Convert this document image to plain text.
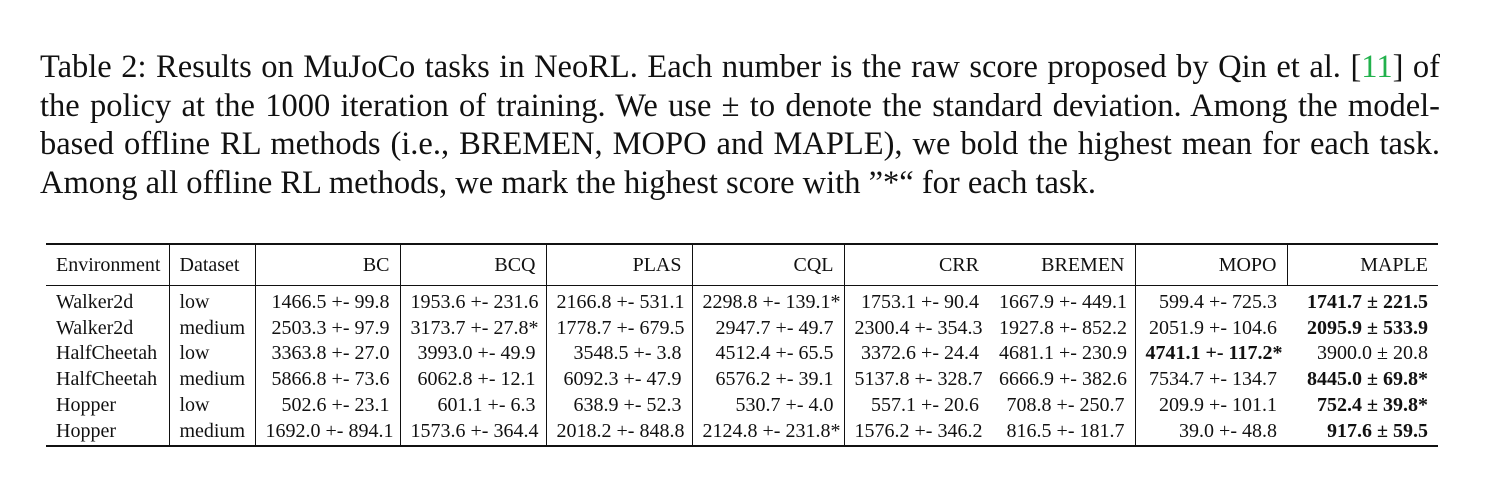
Table 2: Results on MuJoCo tasks in NeoRL. Each number is the raw score proposed by Qin et al. [11] of the policy at the 1000 iteration of training. We use ± to denote the standard deviation. Among the model-based offline RL methods (i.e., BREMEN, MOPO and MAPLE), we bold the highest mean for each task. Among all offline RL methods, we mark the highest score with ”*“ for each task.
Environment	Dataset	BC	BCQ	PLAS	CQL	CRR	BREMEN	MOPO	MAPLE
Walker2d	low	1466.5 +- 99.8	1953.6 +- 231.6	2166.8 +- 531.1	2298.8 +- 139.1*	1753.1 +- 90.4	1667.9 +- 449.1	599.4 +- 725.3	1741.7 ± 221.5
Walker2d	medium	2503.3 +- 97.9	3173.7 +- 27.8*	1778.7 +- 679.5	2947.7 +- 49.7	2300.4 +- 354.3	1927.8 +- 852.2	2051.9 +- 104.6	2095.9 ± 533.9
HalfCheetah	low	3363.8 +- 27.0	3993.0 +- 49.9	3548.5 +- 3.8	4512.4 +- 65.5	3372.6 +- 24.4	4681.1 +- 230.9	4741.1 +- 117.2*	3900.0 ± 20.8
HalfCheetah	medium	5866.8 +- 73.6	6062.8 +- 12.1	6092.3 +- 47.9	6576.2 +- 39.1	5137.8 +- 328.7	6666.9 +- 382.6	7534.7 +- 134.7	8445.0 ± 69.8*
Hopper	low	502.6 +- 23.1	601.1 +- 6.3	638.9 +- 52.3	530.7 +- 4.0	557.1 +- 20.6	708.8 +- 250.7	209.9 +- 101.1	752.4 ± 39.8*
Hopper	medium	1692.0 +- 894.1	1573.6 +- 364.4	2018.2 +- 848.8	2124.8 +- 231.8*	1576.2 +- 346.2	816.5 +- 181.7	39.0 +- 48.8	917.6 ± 59.5
